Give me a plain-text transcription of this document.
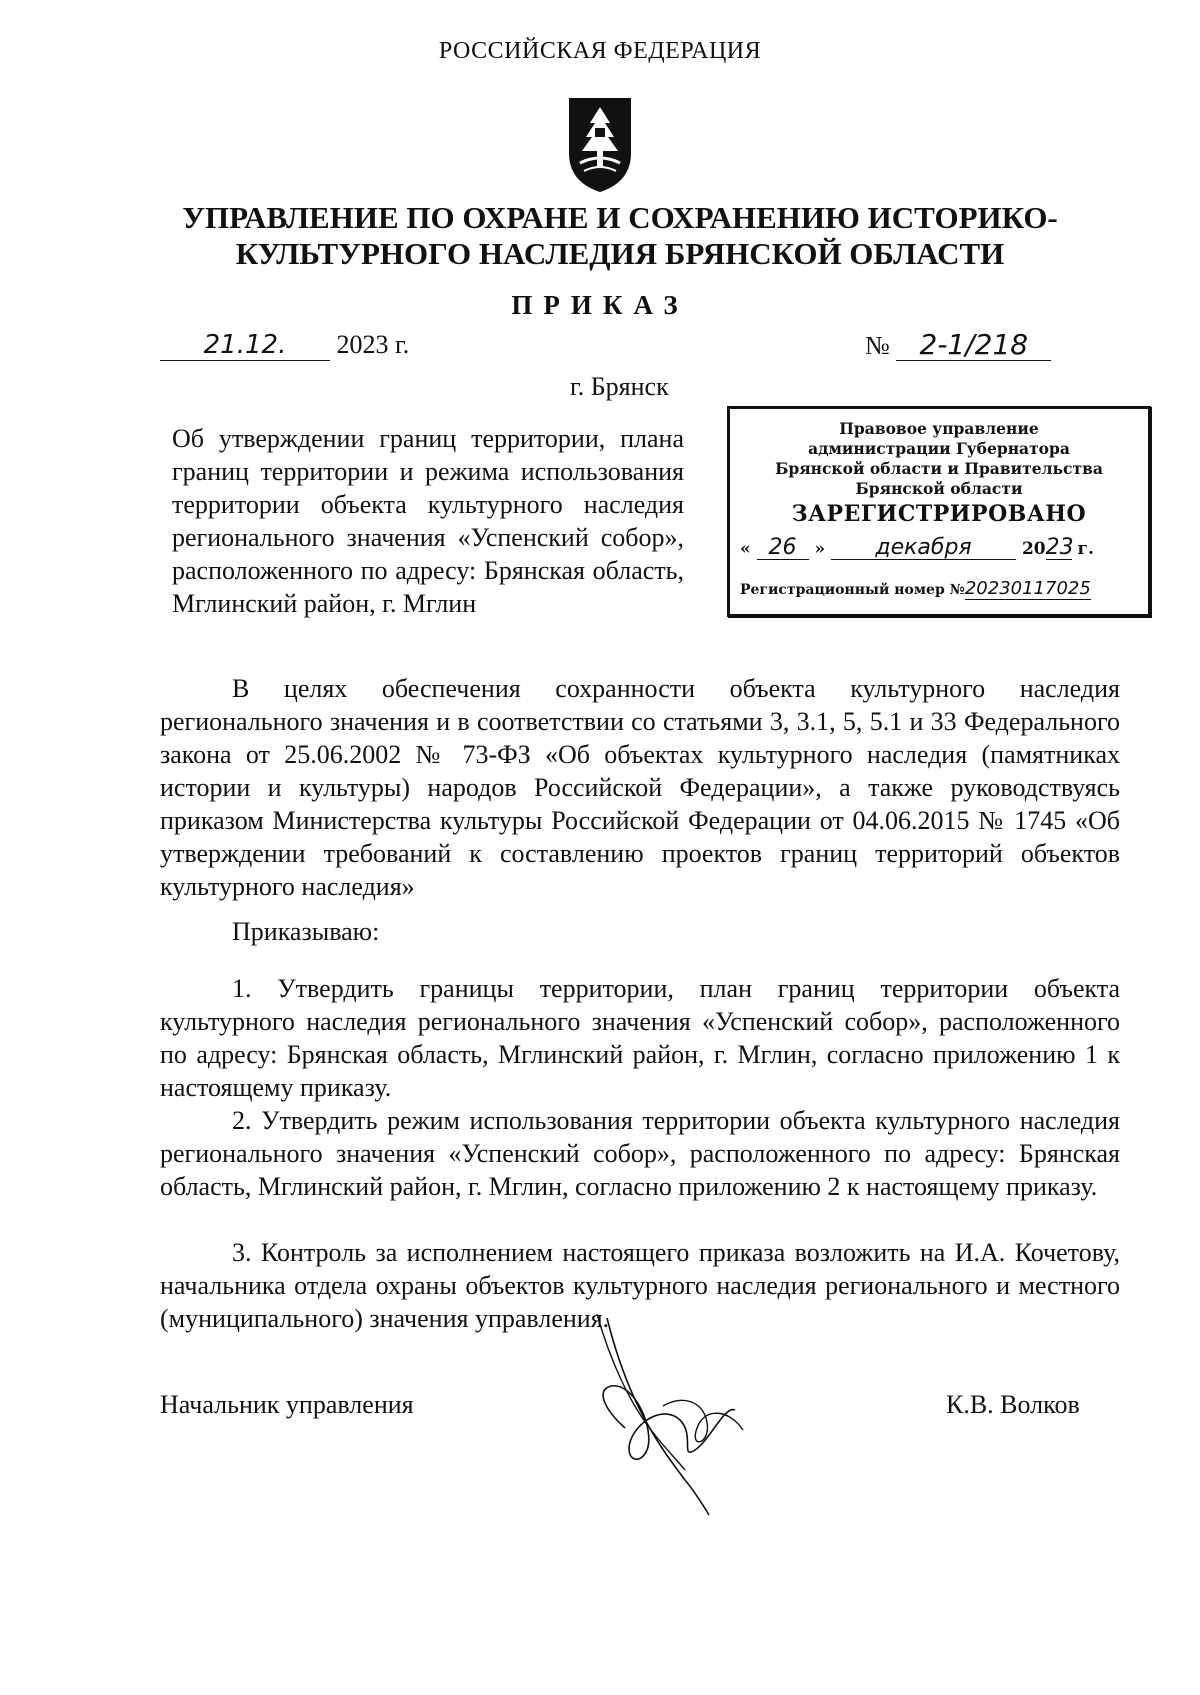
РОССИЙСКАЯ ФЕДЕРАЦИЯ
УПРАВЛЕНИЕ ПО ОХРАНЕ И СОХРАНЕНИЮ ИСТОРИКО-КУЛЬТУРНОГО НАСЛЕДИЯ БРЯНСКОЙ ОБЛАСТИ
ПРИКАЗ
21.12. 2023 г.	№ 2-1/218
г. Брянск
Об утверждении границ территории, плана границ территории и режима использования территории объекта культурного наследия регионального значения «Успенский собор», расположенного по адресу: Брянская область, Мглинский район, г. Мглин
Правовое управление
администрации Губернатора
Брянской области и Правительства
Брянской области
ЗАРЕГИСТРИРОВАНО
« 26 » декабря	2023 г.
Регистрационный номер №20230117025
В целях обеспечения сохранности объекта культурного наследия регионального значения и в соответствии со статьями 3, 3.1, 5, 5.1 и 33 Федерального закона от 25.06.2002 № 73-ФЗ «Об объектах культурного наследия (памятниках истории и культуры) народов Российской Федерации», а также руководствуясь приказом Министерства культуры Российской Федерации от 04.06.2015 № 1745 «Об утверждении требований к составлению проектов границ территорий объектов культурного наследия»
Приказываю:
1. Утвердить границы территории, план границ территории объекта культурного наследия регионального значения «Успенский собор», расположенного по адресу: Брянская область, Мглинский район, г. Мглин, согласно приложению 1 к настоящему приказу.
2. Утвердить режим использования территории объекта культурного наследия регионального значения «Успенский собор», расположенного по адресу: Брянская область, Мглинский район, г. Мглин, согласно приложению 2 к настоящему приказу.
3. Контроль за исполнением настоящего приказа возложить на И.А. Кочетову, начальника отдела охраны объектов культурного наследия регионального и местного (муниципального) значения управления.
Начальник управления	К.В. Волков
